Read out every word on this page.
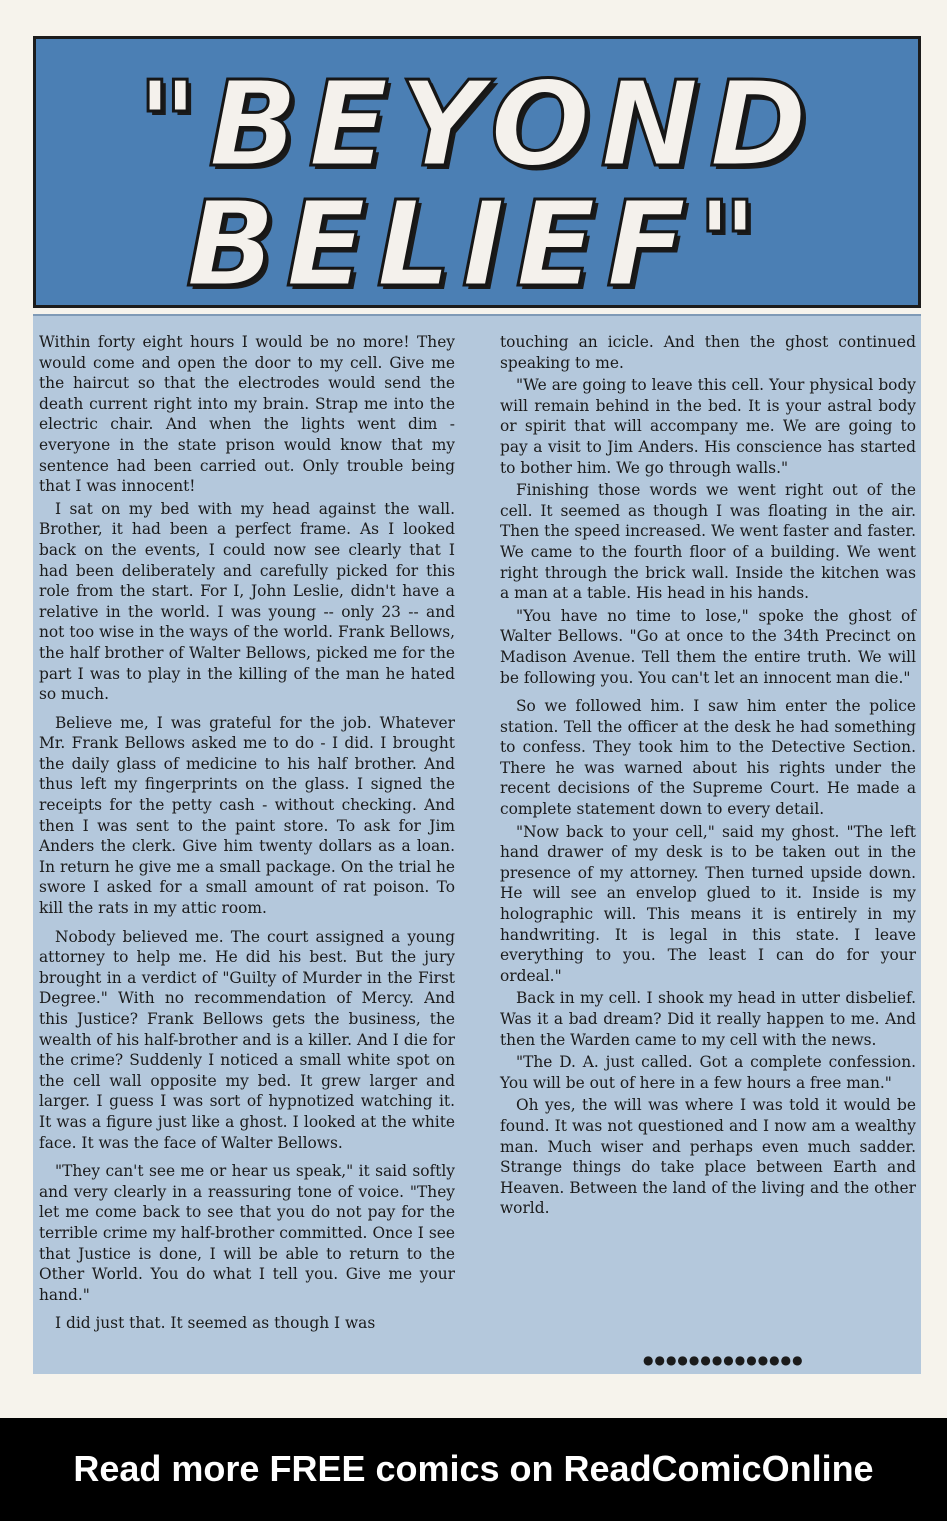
"BEYOND
BELIEF"

Within forty eight hours I would be no more! They would come and open the door to my cell. Give me the haircut so that the electrodes would send the death current right into my brain. Strap me into the electric chair. And when the lights went dim - everyone in the state prison would know that my sentence had been carried out. Only trouble being that I was innocent!

I sat on my bed with my head against the wall. Brother, it had been a perfect frame. As I looked back on the events, I could now see clearly that I had been deliberately and carefully picked for this role from the start. For I, John Leslie, didn't have a relative in the world. I was young -- only 23 -- and not too wise in the ways of the world. Frank Bellows, the half brother of Walter Bellows, picked me for the part I was to play in the killing of the man he hated so much.

Believe me, I was grateful for the job. Whatever Mr. Frank Bellows asked me to do - I did. I brought the daily glass of medicine to his half brother. And thus left my fingerprints on the glass. I signed the receipts for the petty cash - without checking. And then I was sent to the paint store. To ask for Jim Anders the clerk. Give him twenty dollars as a loan. In return he give me a small package. On the trial he swore I asked for a small amount of rat poison. To kill the rats in my attic room.

Nobody believed me. The court assigned a young attorney to help me. He did his best. But the jury brought in a verdict of "Guilty of Murder in the First Degree." With no recommendation of Mercy. And this Justice? Frank Bellows gets the business, the wealth of his half-brother and is a killer. And I die for the crime? Suddenly I noticed a small white spot on the cell wall opposite my bed. It grew larger and larger. I guess I was sort of hypnotized watching it. It was a figure just like a ghost. I looked at the white face. It was the face of Walter Bellows.

"They can't see me or hear us speak," it said softly and very clearly in a reassuring tone of voice. "They let me come back to see that you do not pay for the terrible crime my half-brother committed. Once I see that Justice is done, I will be able to return to the Other World. You do what I tell you. Give me your hand."

I did just that. It seemed as though I was

touching an icicle. And then the ghost continued speaking to me.

"We are going to leave this cell. Your physical body will remain behind in the bed. It is your astral body or spirit that will accompany me. We are going to pay a visit to Jim Anders. His conscience has started to bother him. We go through walls."

Finishing those words we went right out of the cell. It seemed as though I was floating in the air. Then the speed increased. We went faster and faster. We came to the fourth floor of a building. We went right through the brick wall. Inside the kitchen was a man at a table. His head in his hands.

"You have no time to lose," spoke the ghost of Walter Bellows. "Go at once to the 34th Precinct on Madison Avenue. Tell them the entire truth. We will be following you. You can't let an innocent man die."

So we followed him. I saw him enter the police station. Tell the officer at the desk he had something to confess. They took him to the Detective Section. There he was warned about his rights under the recent decisions of the Supreme Court. He made a complete statement down to every detail.

"Now back to your cell," said my ghost. "The left hand drawer of my desk is to be taken out in the presence of my attorney. Then turned upside down. He will see an envelop glued to it. Inside is my holographic will. This means it is entirely in my handwriting. It is legal in this state. I leave everything to you. The least I can do for your ordeal."

Back in my cell. I shook my head in utter disbelief. Was it a bad dream? Did it really happen to me. And then the Warden came to my cell with the news.

"The D. A. just called. Got a complete confession. You will be out of here in a few hours a free man."

Oh yes, the will was where I was told it would be found. It was not questioned and I now am a wealthy man. Much wiser and perhaps even much sadder. Strange things do take place between Earth and Heaven. Between the land of the living and the other world.

●●●●●●●●●●●●●●
Read more FREE comics on ReadComicOnline
